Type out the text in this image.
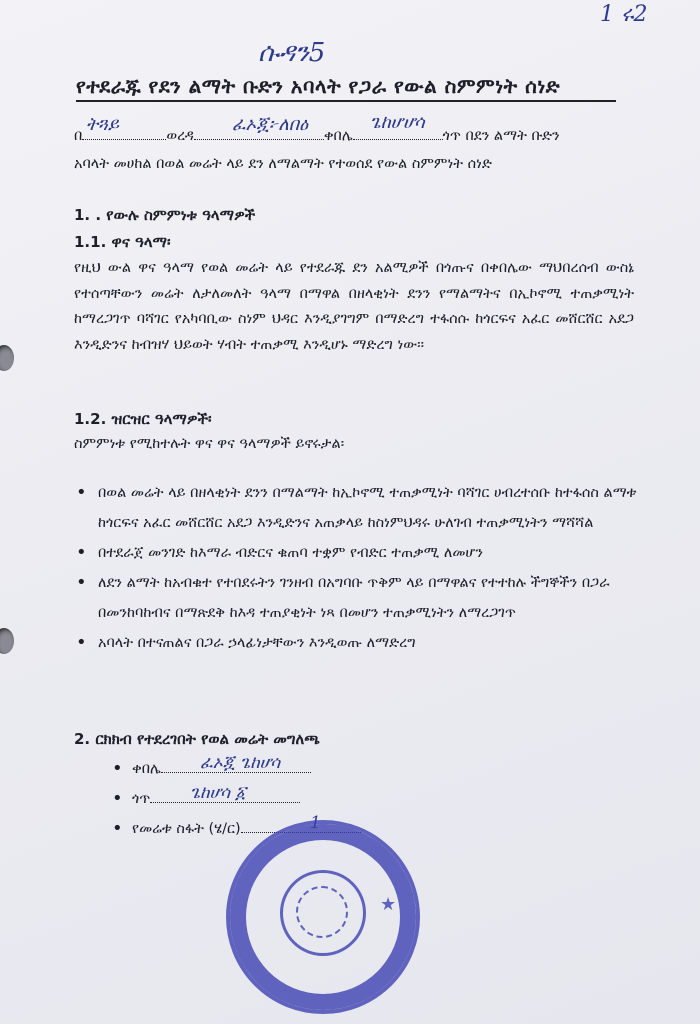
1 ሩ2
ሱዳን5
የተደራጁ የደን ልማት ቡድን አባላት የጋራ የውል ስምምነት ሰነድ
በ	ወረዳ	ቀበሌ	ጎጥ በደን ልማት ቡድን
ትጓይ	ፈኦጇ፦ለበዕ	ጌከሆሆሳ
አባላት መሀከል በወል መሬት ላይ ደን ለማልማት የተወሰደ የውል ስምምነት ሰነድ
1. . የውሉ ስምምነቱ ዓላማዎች
1.1. ዋና ዓላማ፡
የዚህ ውል ዋና ዓላማ የወል መሬት ላይ የተደራጁ ደን አልሚዎች በጎጡና በቀበሌው ማህበረሰብ ውስኔ የተሰጣቸውን መሬት ለታለመለት ዓላማ በማዋል በዘላቂነት ደንን የማልማትና በኢኮኖሚ ተጠቃሚነት ከማረጋገጥ ባሻገር የአካባቢው ስነም ህዳር እንዲያገግም በማድረግ ተፋሰሱ ከጎርፍና አፈር መሸርሸር አደጋ እንዲድንና ከብዝሃ ህይወት ሃብት ተጠቃሚ እንዲሆኑ ማድረግ ነው፡፡
1.2. ዝርዝር ዓላማዎች፡
ስምምነቱ የሚከተሉት ዋና ዋና ዓላማዎች ይኖሩታል፡
• በወል መሬት ላይ በዘላቂነት ደንን በማልማት ከኢኮኖሚ ተጠቃሚነት ባሻገር ሀብረተሰቡ ከተፋሰስ ልማቱ ከጎርፍና አፈር መሸርሸር አደጋ እንዲድንና አጠቃላይ ከስነምህዳሩ ሁለገብ ተጠቃሚነትን ማሻሻል
• በተደራጀ መንገድ ከእማራ ብድርና ቁጠባ ተቋም የብድር ተጠቃሚ ለመሆን
• ለደን ልማት ከአብቁተ የተበደሩትን ገንዘብ በአግባቡ ጥቅም ላይ በማዋልና የተተከሉ ችግኞችን በጋራ በመንከባከብና በማጽደቅ ከእዳ ተጠያቂነት ነጻ በመሆን ተጠቃሚነትን ለማረጋገጥ
• አባላት በተናጠልና በጋራ ኃላፊነታቸውን እንዲወጡ ለማድረግ
2. ርክክብ የተደረገበት የወል መሬት መግለጫ
• ቀበሌ ፈኦጇ ጌከሆሳ
• ጎጥ ጌከሆሳ ፩
• የመሬቱ ስፋት (ሄ/ር)	1
★
